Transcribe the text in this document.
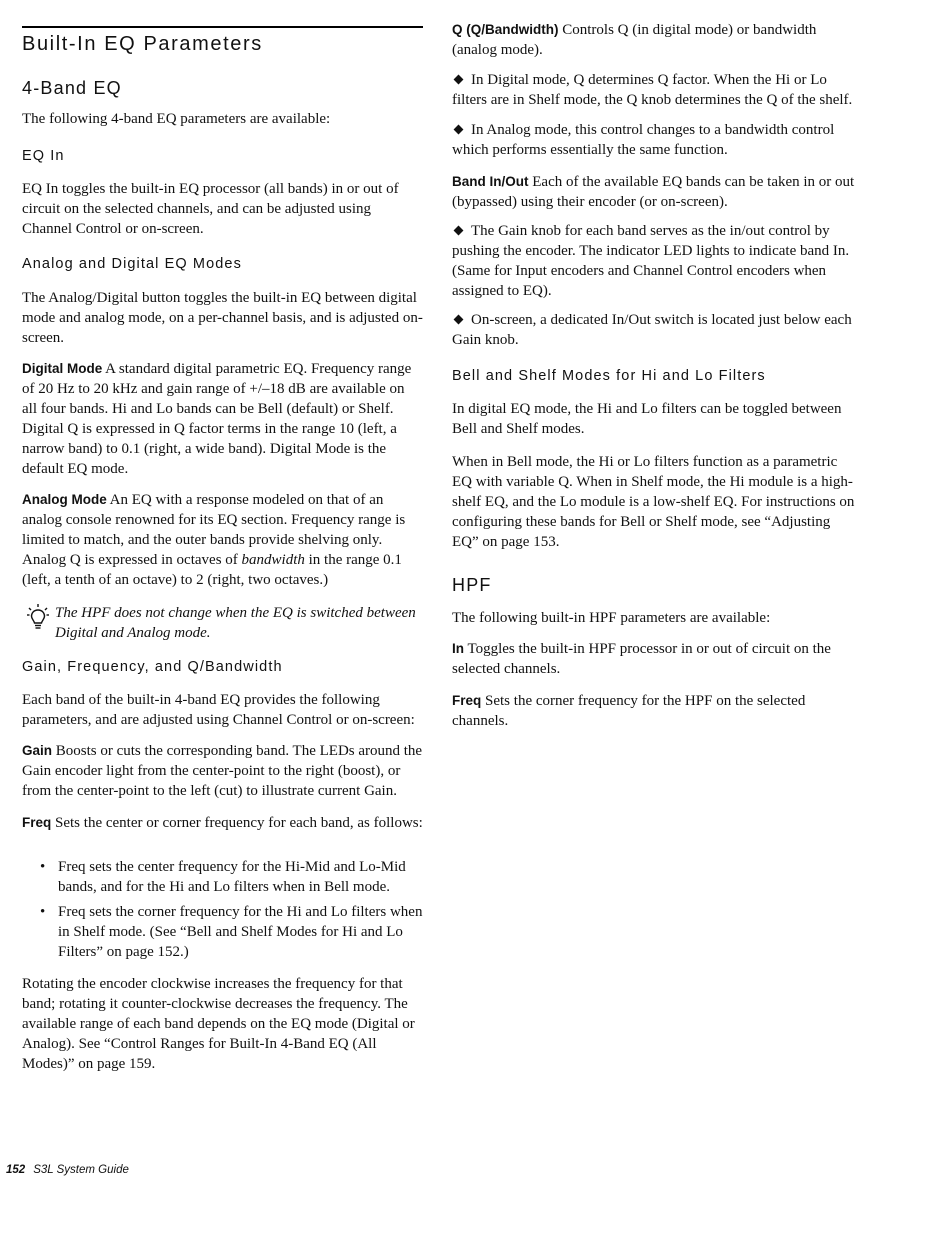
Built-In EQ Parameters
4-Band EQ

The following 4-band EQ parameters are available:

EQ In

EQ In toggles the built-in EQ processor (all bands) in or out of circuit on the selected channels, and can be adjusted using Channel Control or on-screen.

Analog and Digital EQ Modes

The Analog/Digital button toggles the built-in EQ between digital mode and analog mode, on a per-channel basis, and is adjusted on-screen.

Digital Mode A standard digital parametric EQ. Frequency range of 20 Hz to 20 kHz and gain range of +/–18 dB are available on all four bands. Hi and Lo bands can be Bell (default) or Shelf. Digital Q is expressed in Q factor terms in the range 10 (left, a narrow band) to 0.1 (right, a wide band). Digital Mode is the default EQ mode.
Analog Mode An EQ with a response modeled on that of an analog console renowned for its EQ section. Frequency range is limited to match, and the outer bands provide shelving only. Analog Q is expressed in octaves of bandwidth in the range 0.1 (left, a tenth of an octave) to 2 (right, two octaves.)
The HPF does not change when the EQ is switched between Digital and Analog mode.
Gain, Frequency, and Q/Bandwidth

Each band of the built-in 4-band EQ provides the following parameters, and are adjusted using Channel Control or on-screen:

Gain Boosts or cuts the corresponding band. The LEDs around the Gain encoder light from the center-point to the right (boost), or from the center-point to the left (cut) to illustrate current Gain.
Freq Sets the center or corner frequency for each band, as follows:
• Freq sets the center frequency for the Hi-Mid and Lo-Mid bands, and for the Hi and Lo filters when in Bell mode.
• Freq sets the corner frequency for the Hi and Lo filters when in Shelf mode. (See “Bell and Shelf Modes for Hi and Lo Filters” on page 152.)

Rotating the encoder clockwise increases the frequency for that band; rotating it counter-clockwise decreases the frequency. The available range of each band depends on the EQ mode (Digital or Analog). See “Control Ranges for Built-In 4-Band EQ (All Modes)” on page 159.

Q (Q/Bandwidth) Controls Q (in digital mode) or bandwidth (analog mode).
In Digital mode, Q determines Q factor. When the Hi or Lo filters are in Shelf mode, the Q knob determines the Q of the shelf.
In Analog mode, this control changes to a bandwidth control which performs essentially the same function.
Band In/Out Each of the available EQ bands can be taken in or out (bypassed) using their encoder (or on-screen).
The Gain knob for each band serves as the in/out control by pushing the encoder. The indicator LED lights to indicate band In. (Same for Input encoders and Channel Control encoders when assigned to EQ).
On-screen, a dedicated In/Out switch is located just below each Gain knob.
Bell and Shelf Modes for Hi and Lo Filters

In digital EQ mode, the Hi and Lo filters can be toggled between Bell and Shelf modes.

When in Bell mode, the Hi or Lo filters function as a parametric EQ with variable Q. When in Shelf mode, the Hi module is a high-shelf EQ, and the Lo module is a low-shelf EQ. For instructions on configuring these bands for Bell or Shelf mode, see “Adjusting EQ” on page 153.

HPF

The following built-in HPF parameters are available:

In Toggles the built-in HPF processor in or out of circuit on the selected channels.
Freq Sets the corner frequency for the HPF on the selected channels.
152 S3L System Guide
